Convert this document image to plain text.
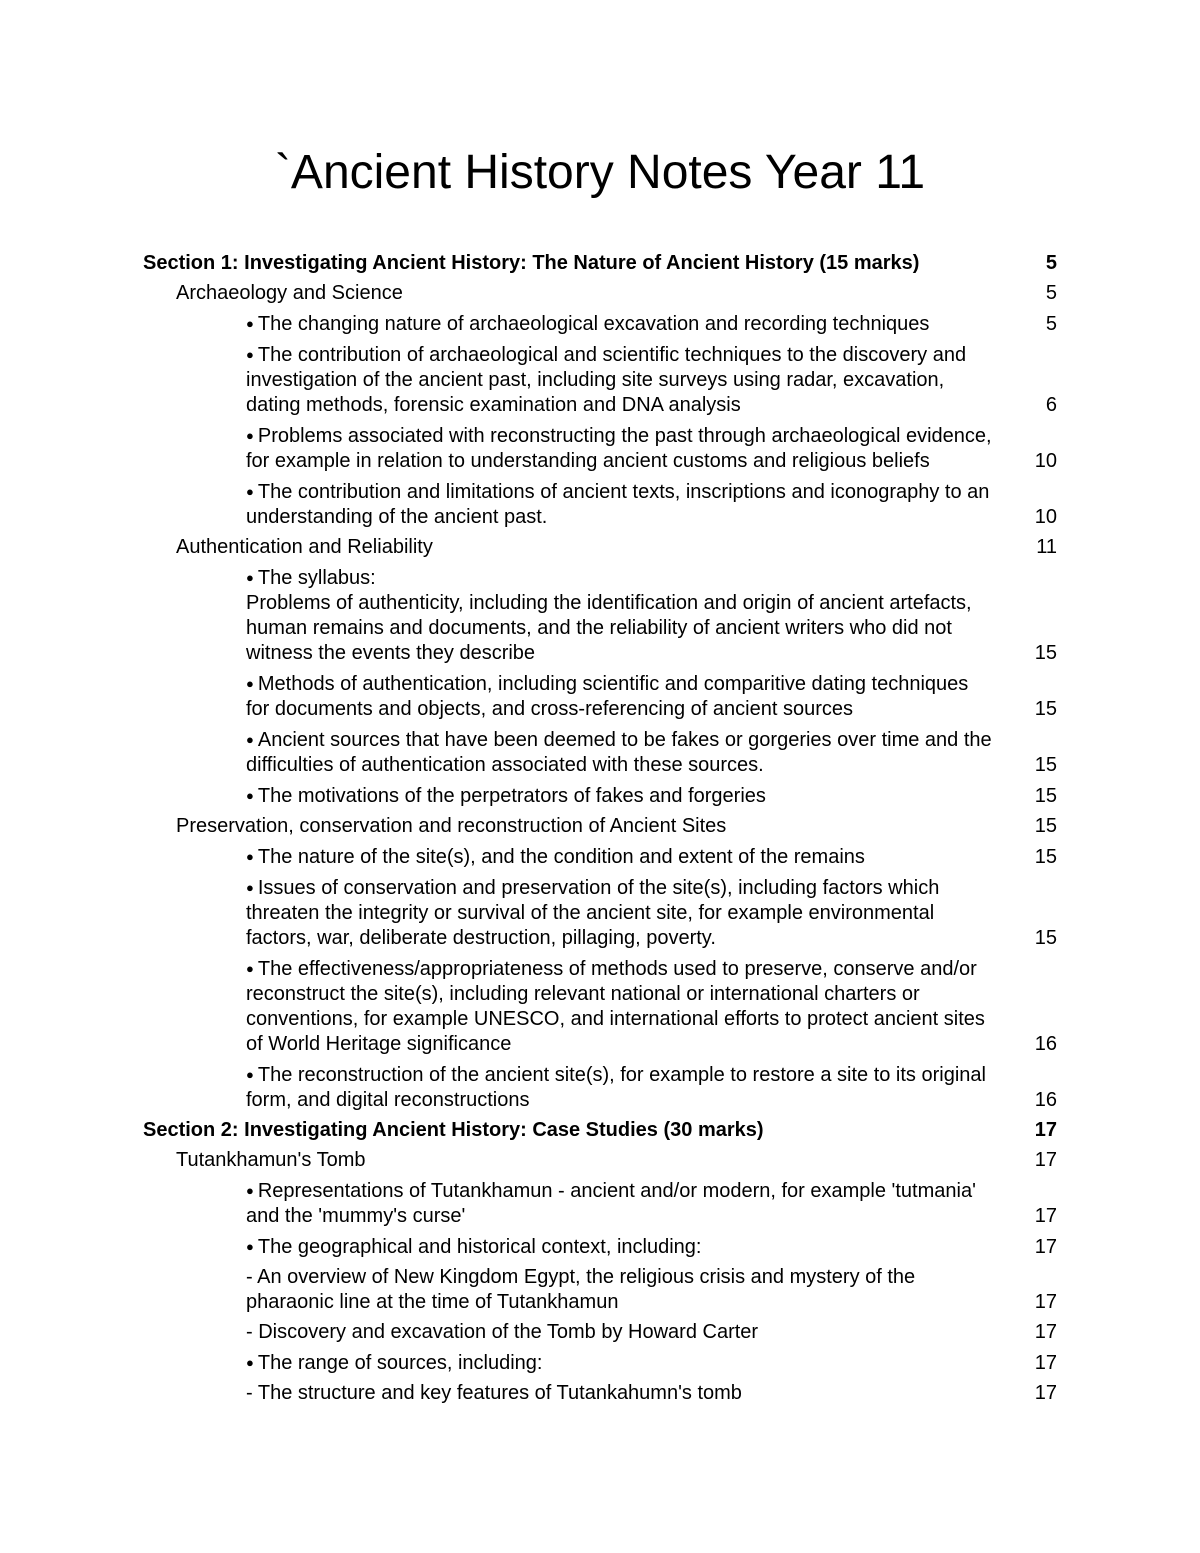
`Ancient History Notes Year 11
Section 1: Investigating Ancient History: The Nature of Ancient History (15 marks)	5
Archaeology and Science	5
● The changing nature of archaeological excavation and recording techniques	5
● The contribution of archaeological and scientific techniques to the discovery and
investigation of the ancient past, including site surveys using radar, excavation,
dating methods, forensic examination and DNA analysis	6
● Problems associated with reconstructing the past through archaeological evidence,
for example in relation to understanding ancient customs and religious beliefs	10
● The contribution and limitations of ancient texts, inscriptions and iconography to an
understanding of the ancient past.	10
Authentication and Reliability	11
● The syllabus:
Problems of authenticity, including the identification and origin of ancient artefacts,
human remains and documents, and the reliability of ancient writers who did not
witness the events they describe	15
● Methods of authentication, including scientific and comparitive dating techniques
for documents and objects, and cross-referencing of ancient sources	15
● Ancient sources that have been deemed to be fakes or gorgeries over time and the
difficulties of authentication associated with these sources.	15
● The motivations of the perpetrators of fakes and forgeries	15
Preservation, conservation and reconstruction of Ancient Sites	15
● The nature of the site(s), and the condition and extent of the remains	15
● Issues of conservation and preservation of the site(s), including factors which
threaten the integrity or survival of the ancient site, for example environmental
factors, war, deliberate destruction, pillaging, poverty.	15
● The effectiveness/appropriateness of methods used to preserve, conserve and/or
reconstruct the site(s), including relevant national or international charters or
conventions, for example UNESCO, and international efforts to protect ancient sites
of World Heritage significance	16
● The reconstruction of the ancient site(s), for example to restore a site to its original
form, and digital reconstructions	16
Section 2: Investigating Ancient History: Case Studies (30 marks)	17
Tutankhamun's Tomb	17
● Representations of Tutankhamun - ancient and/or modern, for example 'tutmania'
and the 'mummy's curse'	17
● The geographical and historical context, including:	17
- An overview of New Kingdom Egypt, the religious crisis and mystery of the
pharaonic line at the time of Tutankhamun	17
- Discovery and excavation of the Tomb by Howard Carter	17
● The range of sources, including:	17
- The structure and key features of Tutankahumn's tomb	17
